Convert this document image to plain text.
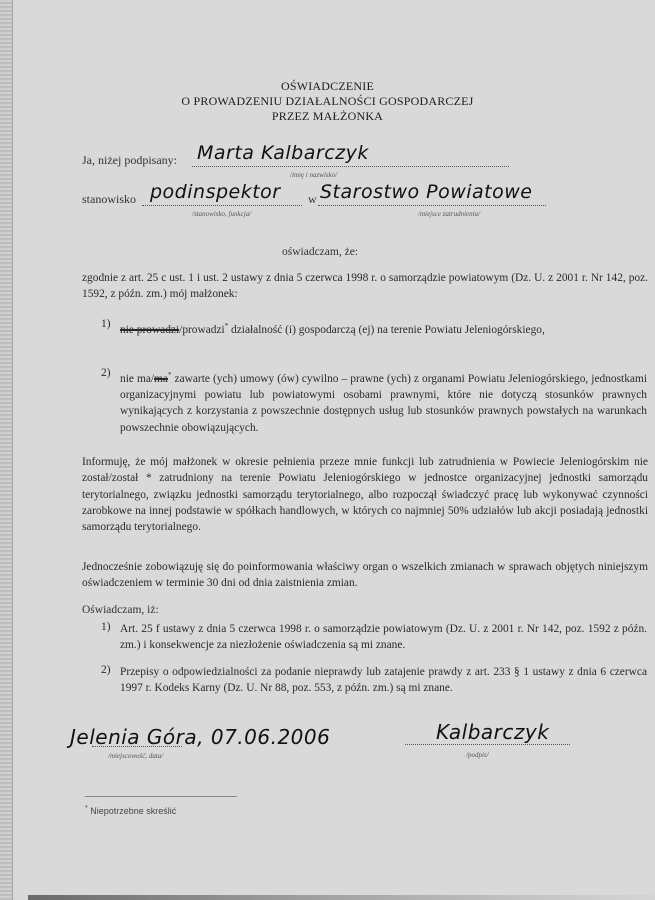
OŚWIADCZENIE
O PROWADZENIU DZIAŁALNOŚCI GOSPODARCZEJ
PRZEZ MAŁŻONKA
Ja, niżej podpisany: Marta Kalbarczyk
/imię i nazwisko/
stanowisko podinspektor
/stanowisko, funkcja/
w Starostwo Powiatowe
/miejsce zatrudnienia/
oświadczam, że:
zgodnie z art. 25 c ust. 1 i ust. 2 ustawy z dnia 5 czerwca 1998 r. o samorządzie powiatowym (Dz. U. z 2001 r. Nr 142, poz. 1592, z późn. zm.) mój małżonek:
1) nie prowadzi/prowadzi* działalność (i) gospodarczą (ej) na terenie Powiatu Jeleniogórskiego,
2) nie ma/ma* zawarte (ych) umowy (ów) cywilno – prawne (ych) z organami Powiatu Jeleniogórskiego, jednostkami organizacyjnymi powiatu lub powiatowymi osobami prawnymi, które nie dotyczą stosunków prawnych wynikających z korzystania z powszechnie dostępnych usług lub stosunków prawnych powstałych na warunkach powszechnie obowiązujących.
Informuję, że mój małżonek w okresie pełnienia przeze mnie funkcji lub zatrudnienia w Powiecie Jeleniogórskim nie został/został * zatrudniony na terenie Powiatu Jeleniogórskiego w jednostce organizacyjnej jednostki samorządu terytorialnego, związku jednostki samorządu terytorialnego, albo rozpoczął świadczyć pracę lub wykonywać czynności zarobkowe na innej podstawie w spółkach handlowych, w których co najmniej 50% udziałów lub akcji posiadają jednostki samorządu terytorialnego.
Jednocześnie zobowiązuję się do poinformowania właściwy organ o wszelkich zmianach w sprawach objętych niniejszym oświadczeniem w terminie 30 dni od dnia zaistnienia zmian.
Oświadczam, iż:
1) Art. 25 f ustawy z dnia 5 czerwca 1998 r. o samorządzie powiatowym (Dz. U. z 2001 r. Nr 142, poz. 1592 z późn. zm.) i konsekwencje za niezłożenie oświadczenia są mi znane.
2) Przepisy o odpowiedzialności za podanie nieprawdy lub zatajenie prawdy z art. 233 § 1 ustawy z dnia 6 czerwca 1997 r. Kodeks Karny (Dz. U. Nr 88, poz. 553, z późn. zm.) są mi znane.
Jelenia Góra, 07.06.2006
/miejscowość, data/
Kalbarczyk
/podpis/
* Niepotrzebne skreślić
